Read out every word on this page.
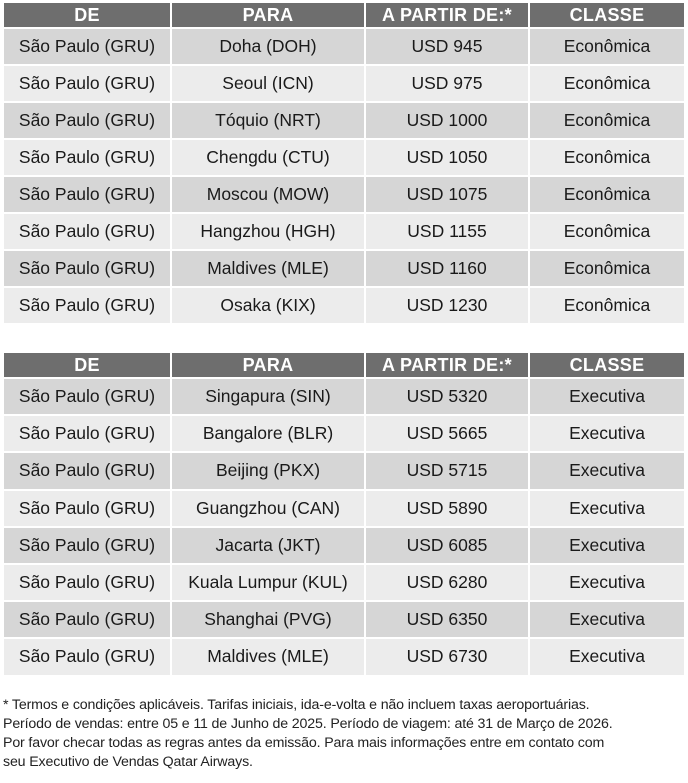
DE	PARA	A PARTIR DE:*	CLASSE
São Paulo (GRU)	Doha (DOH)	USD 945	Econômica
São Paulo (GRU)	Seoul (ICN)	USD 975	Econômica
São Paulo (GRU)	Tóquio (NRT)	USD 1000	Econômica
São Paulo (GRU)	Chengdu (CTU)	USD 1050	Econômica
São Paulo (GRU)	Moscou (MOW)	USD 1075	Econômica
São Paulo (GRU)	Hangzhou (HGH)	USD 1155	Econômica
São Paulo (GRU)	Maldives (MLE)	USD 1160	Econômica
São Paulo (GRU)	Osaka (KIX)	USD 1230	Econômica
DE	PARA	A PARTIR DE:*	CLASSE
São Paulo (GRU)	Singapura (SIN)	USD 5320	Executiva
São Paulo (GRU)	Bangalore (BLR)	USD 5665	Executiva
São Paulo (GRU)	Beijing (PKX)	USD 5715	Executiva
São Paulo (GRU)	Guangzhou (CAN)	USD 5890	Executiva
São Paulo (GRU)	Jacarta (JKT)	USD 6085	Executiva
São Paulo (GRU)	Kuala Lumpur (KUL)	USD 6280	Executiva
São Paulo (GRU)	Shanghai (PVG)	USD 6350	Executiva
São Paulo (GRU)	Maldives (MLE)	USD 6730	Executiva

* Termos e condições aplicáveis. Tarifas iniciais, ida-e-volta e não incluem taxas aeroportuárias.

Período de vendas: entre 05 e 11 de Junho de 2025. Período de viagem: até 31 de Março de 2026.

Por favor checar todas as regras antes da emissão. Para mais informações entre em contato com

seu Executivo de Vendas Qatar Airways.
